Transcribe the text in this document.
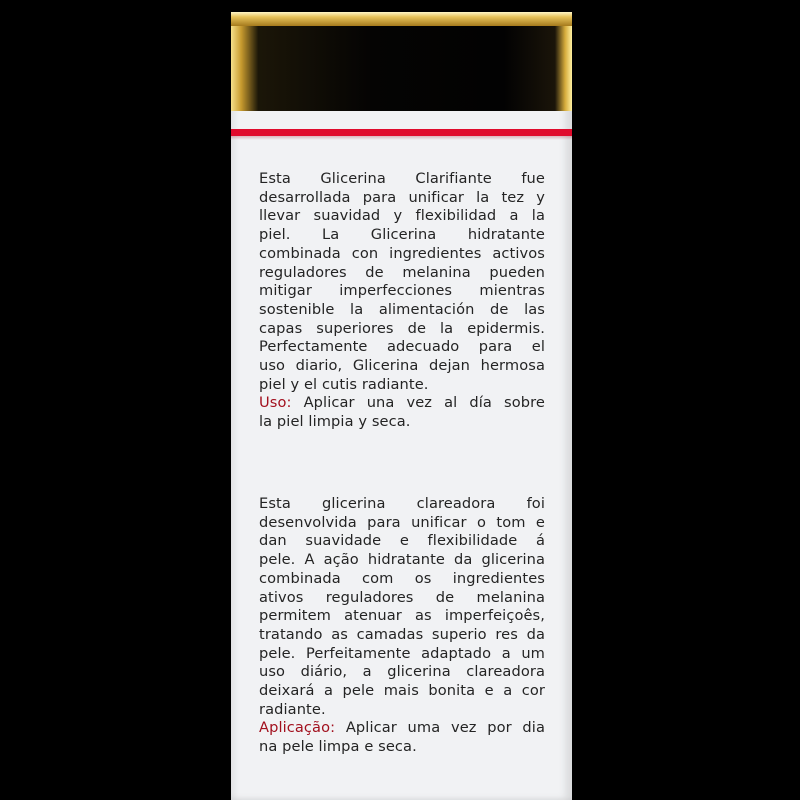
Esta Glicerina Clarifiante fue
desarrollada para unificar la tez y
llevar suavidad y flexibilidad a la
piel. La Glicerina hidratante
combinada con ingredientes activos
reguladores de melanina pueden
mitigar imperfecciones mientras
sostenible la alimentación de las
capas superiores de la epidermis.
Perfectamente adecuado para el
uso diario, Glicerina dejan hermosa
piel y el cutis radiante.
Uso: Aplicar una vez al día sobre
la piel limpia y seca.
Esta glicerina clareadora foi
desenvolvida para unificar o tom e
dan suavidade e flexibilidade á
pele. A ação hidratante da glicerina
combinada com os ingredientes
ativos reguladores de melanina
permitem atenuar as imperfeiçoês,
tratando as camadas superio res da
pele. Perfeitamente adaptado a um
uso diário, a glicerina clareadora
deixará a pele mais bonita e a cor
radiante.
Aplicação: Aplicar uma vez por dia
na pele limpa e seca.
